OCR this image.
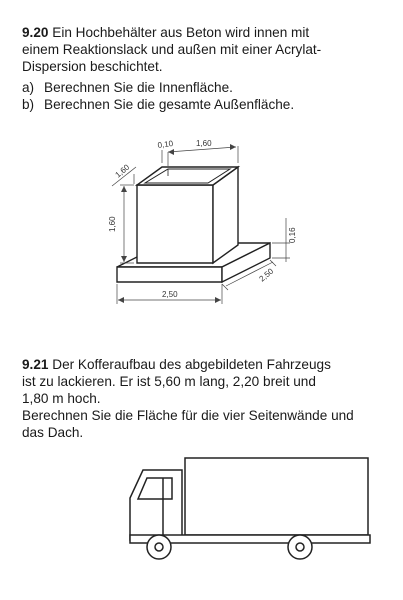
9.20 Ein Hochbehälter aus Beton wird innen mit
einem Reaktionslack und außen mit einer Acrylat-
Dispersion beschichtet.
a) Berechnen Sie die Innenfläche.
b) Berechnen Sie die gesamte Außenfläche.
0,10	1,60
1,60
1,60
0,16
2,50
2,50
9.21 Der Kofferaufbau des abgebildeten Fahrzeugs
ist zu lackieren. Er ist 5,60 m lang, 2,20 breit und
1,80 m hoch.
Berechnen Sie die Fläche für die vier Seitenwände und
das Dach.
